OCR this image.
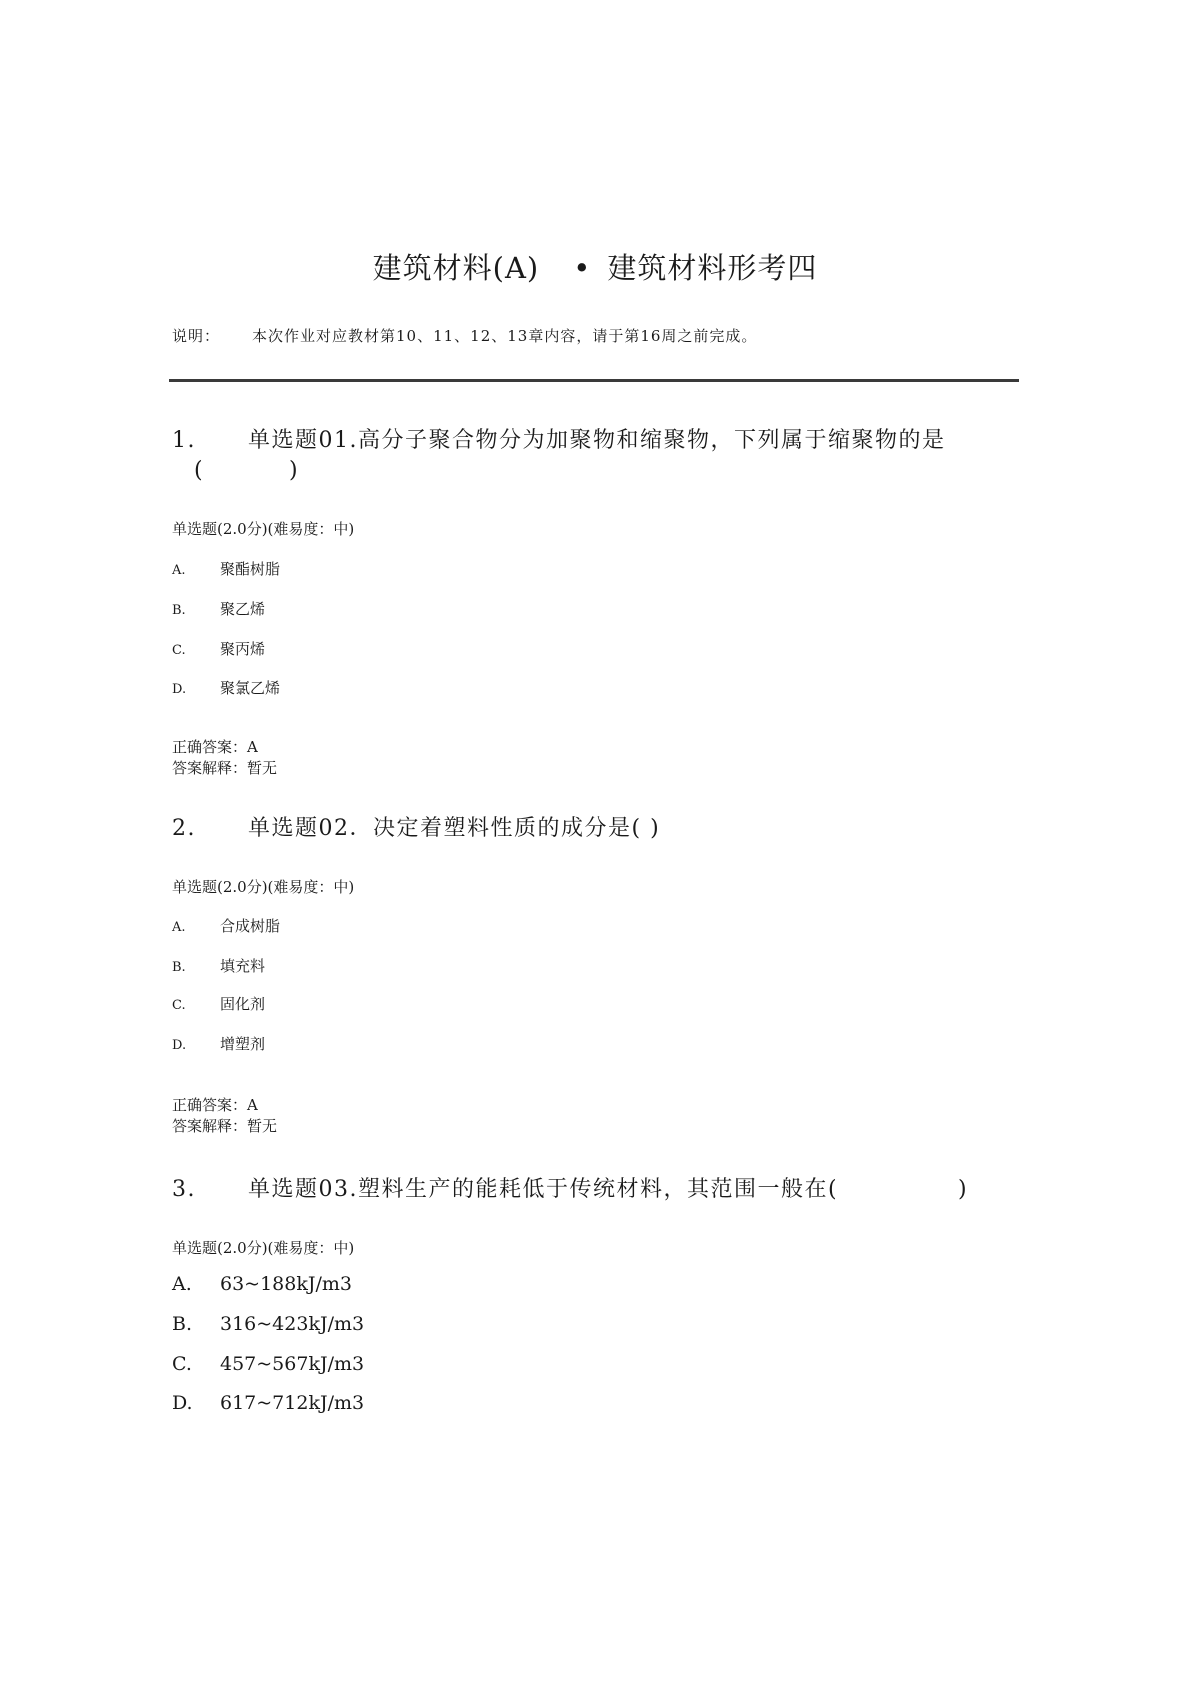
建筑材料(A) • 建筑材料形考四
说明： 本次作业对应教材第10、11、12、13章内容，请于第16周之前完成。
1. 单选题01.高分子聚合物分为加聚物和缩聚物，下列属于缩聚物的是
(          )
单选题(2.0分)(难易度：中)
A. 聚酯树脂
B. 聚乙烯
C. 聚丙烯
D. 聚氯乙烯
正确答案：A
答案解释：暂无
2. 单选题02．决定着塑料性质的成分是( )
单选题(2.0分)(难易度：中)
A. 合成树脂
B. 填充料
C. 固化剂
D. 增塑剂
正确答案：A
答案解释：暂无
3. 单选题03.塑料生产的能耗低于传统材料，其范围一般在(	)
单选题(2.0分)(难易度：中)
A. 63~188kJ/m3
B. 316~423kJ/m3
C. 457~567kJ/m3
D. 617~712kJ/m3
